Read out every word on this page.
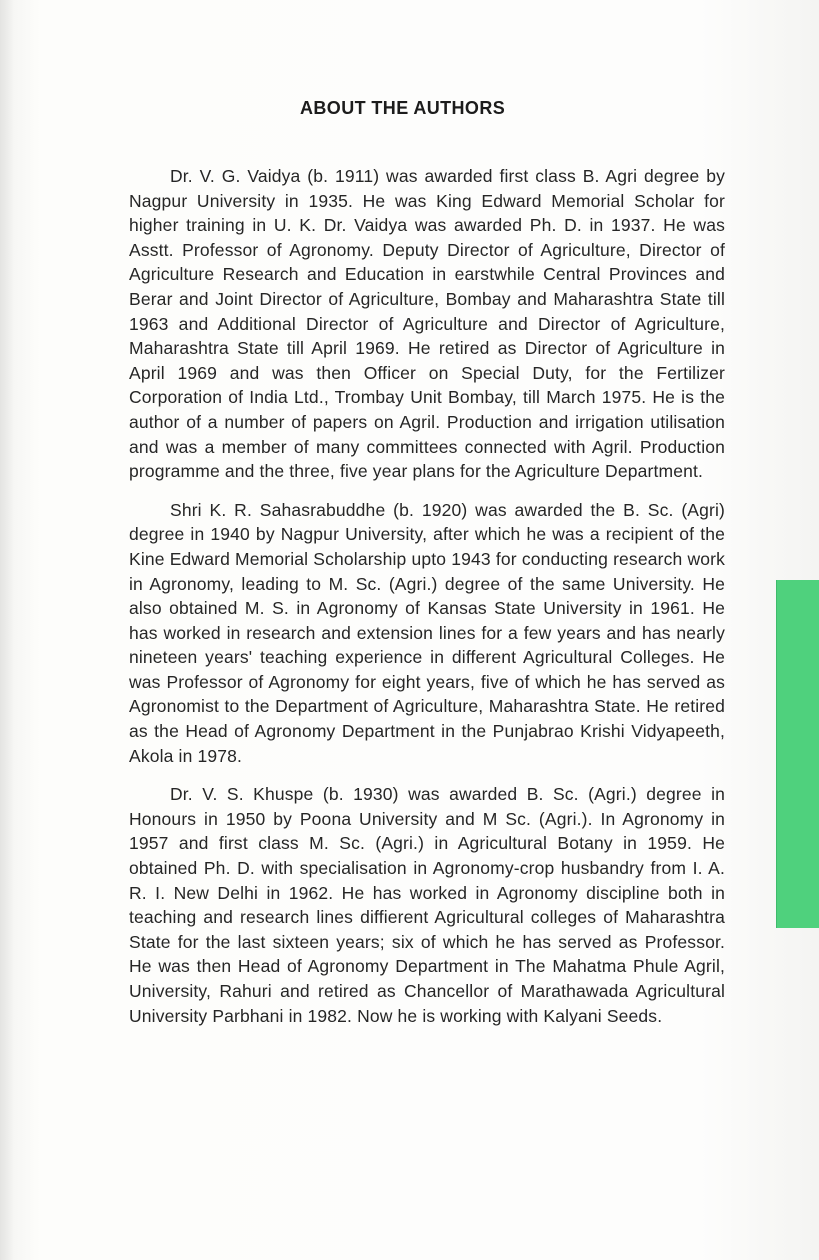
ABOUT THE AUTHORS

Dr. V. G. Vaidya (b. 1911) was awarded first class B. Agri degree by Nagpur University in 1935. He was King Edward Memorial Scholar for higher training in U. K. Dr. Vaidya was awarded Ph. D. in 1937. He was Asstt. Professor of Agronomy. Deputy Director of Agriculture, Director of Agriculture Research and Education in earstwhile Central Provinces and Berar and Joint Director of Agriculture, Bombay and Maharashtra State till 1963 and Additional Director of Agriculture and Director of Agriculture, Maharashtra State till April 1969. He retired as Director of Agriculture in April 1969 and was then Officer on Special Duty, for the Fertilizer Corporation of India Ltd., Trombay Unit Bombay, till March 1975. He is the author of a number of papers on Agril. Production and irrigation utilisation and was a member of many committees connected with Agril. Production programme and the three, five year plans for the Agriculture Department.

Shri K. R. Sahasrabuddhe (b. 1920) was awarded the B. Sc. (Agri) degree in 1940 by Nagpur University, after which he was a recipient of the Kine Edward Memorial Scholarship upto 1943 for conducting research work in Agronomy, leading to M. Sc. (Agri.) degree of the same University. He also obtained M. S. in Agronomy of Kansas State University in 1961. He has worked in research and extension lines for a few years and has nearly nineteen years' teaching experience in different Agricultural Colleges. He was Professor of Agronomy for eight years, five of which he has served as Agronomist to the Department of Agriculture, Maharashtra State. He retired as the Head of Agronomy Department in the Punjabrao Krishi Vidyapeeth, Akola in 1978.

Dr. V. S. Khuspe (b. 1930) was awarded B. Sc. (Agri.) degree in Honours in 1950 by Poona University and M Sc. (Agri.). In Agronomy in 1957 and first class M. Sc. (Agri.) in Agricultural Botany in 1959. He obtained Ph. D. with specialisation in Agronomy-crop husbandry from I. A. R. I. New Delhi in 1962. He has worked in Agronomy discipline both in teaching and research lines diffierent Agricultural colleges of Maharashtra State for the last sixteen years; six of which he has served as Professor. He was then Head of Agronomy Department in The Mahatma Phule Agril, University, Rahuri and retired as Chancellor of Marathawada Agricultural University Parbhani in 1982. Now he is working with Kalyani Seeds.
